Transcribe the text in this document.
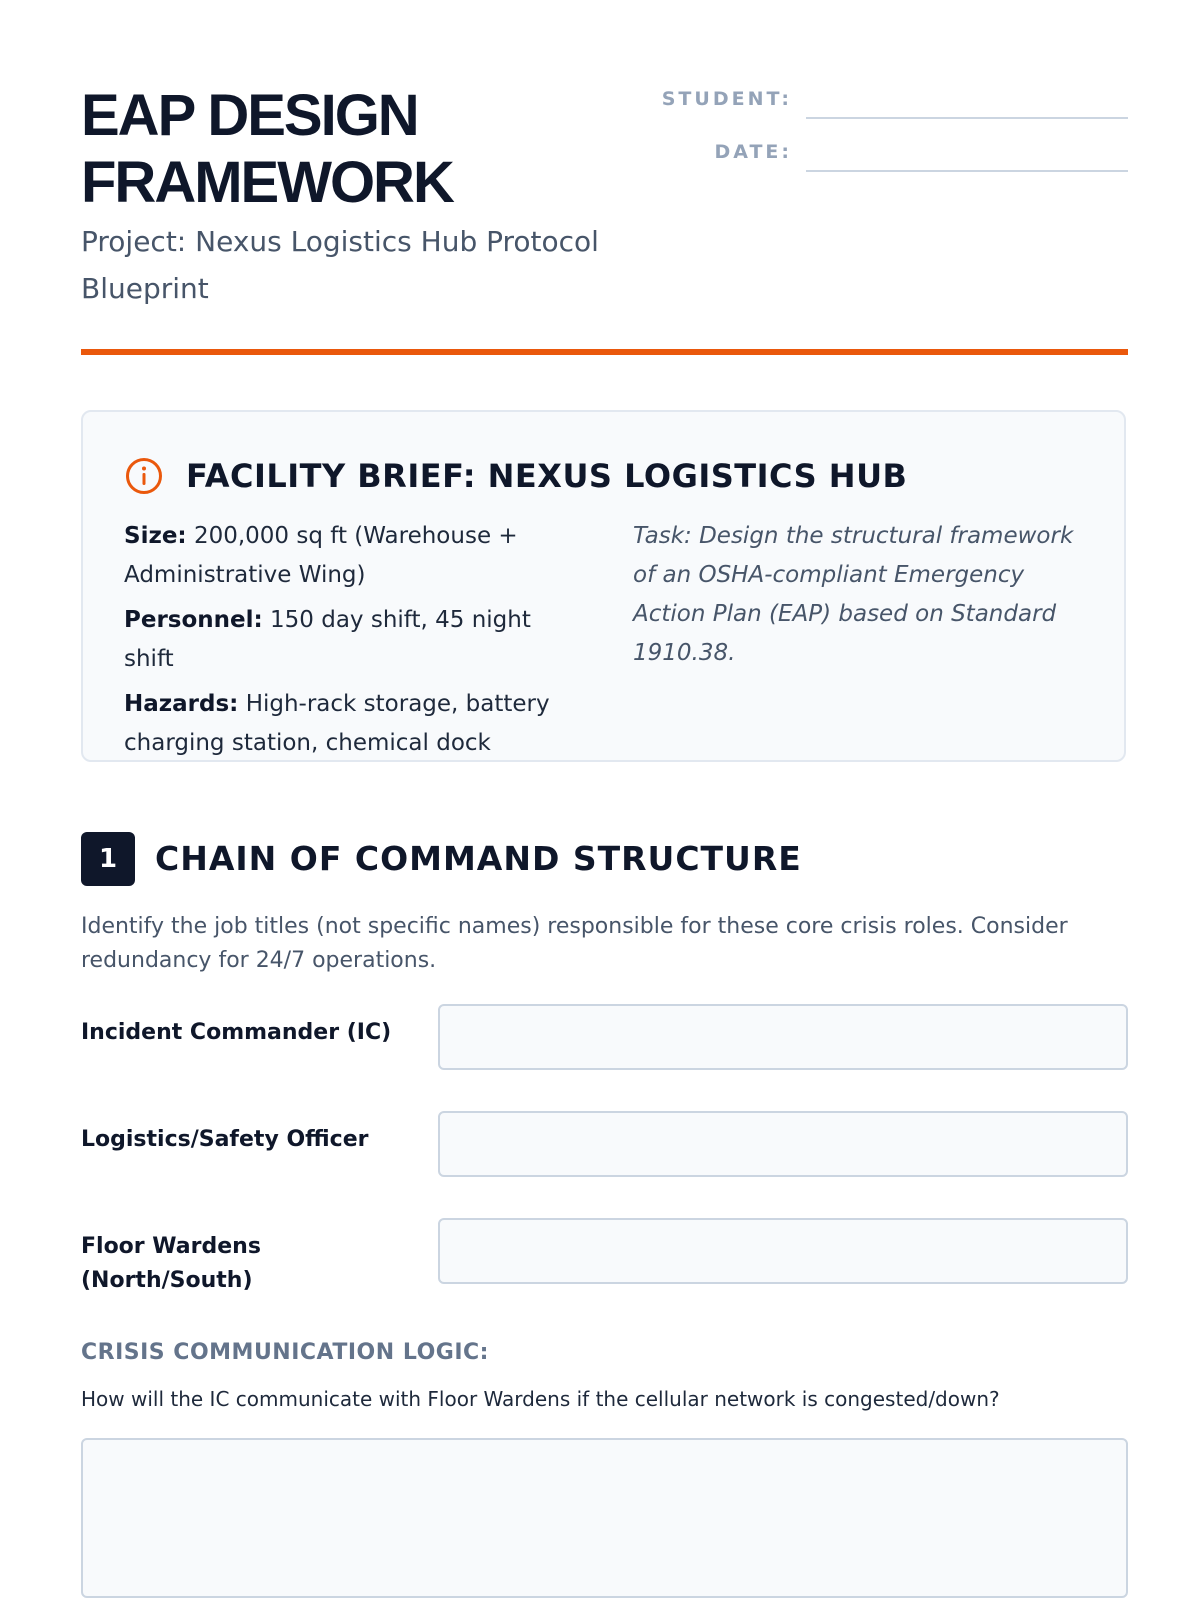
EAP DESIGN
FRAMEWORK

Project: Nexus Logistics Hub Protocol Blueprint

STUDENT:
DATE:
FACILITY BRIEF: NEXUS LOGISTICS HUB

Size: 200,000 sq ft (Warehouse + Administrative Wing)

Personnel: 150 day shift, 45 night shift

Hazards: High-rack storage, battery charging station, chemical dock

Task: Design the structural framework of an OSHA-compliant Emergency Action Plan (EAP) based on Standard 1910.38.

1	CHAIN OF COMMAND STRUCTURE

Identify the job titles (not specific names) responsible for these core crisis roles. Consider redundancy for 24/7 operations.

Incident Commander (IC)
Logistics/Safety Officer
Floor Wardens (North/South)

CRISIS COMMUNICATION LOGIC:

How will the IC communicate with Floor Wardens if the cellular network is congested/down?
